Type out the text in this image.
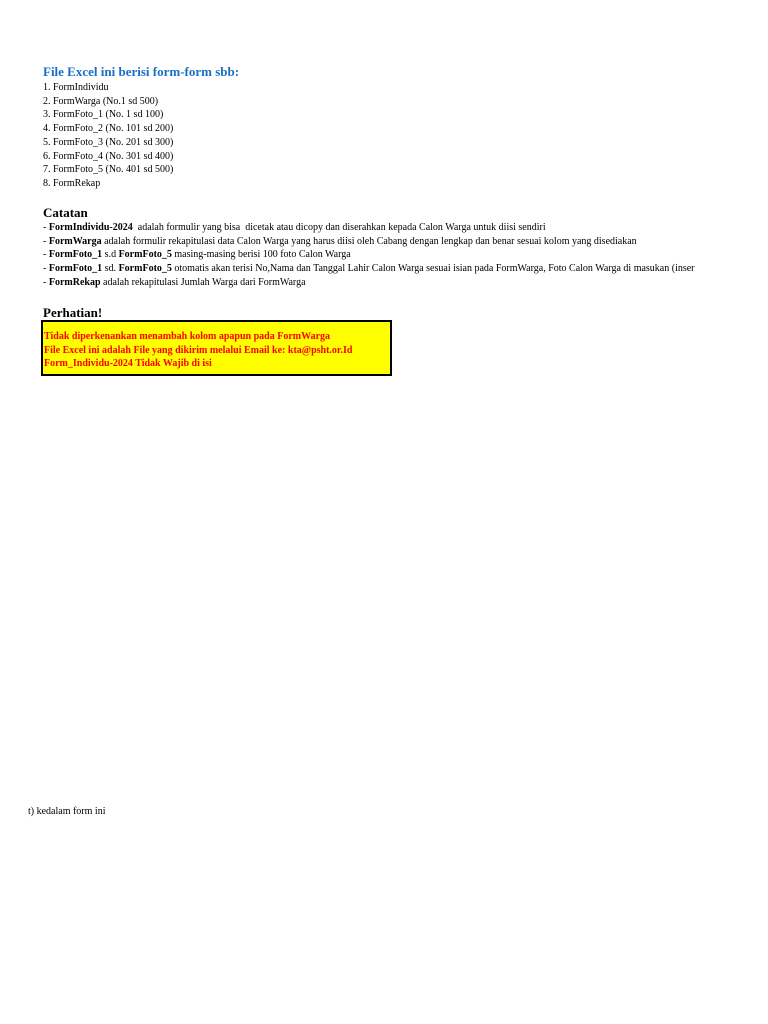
File Excel ini berisi form-form sbb:
1. FormIndividu
2. FormWarga (No.1 sd 500)
3. FormFoto_1 (No. 1 sd 100)
4. FormFoto_2 (No. 101 sd 200)
5. FormFoto_3 (No. 201 sd 300)
6. FormFoto_4 (No. 301 sd 400)
7. FormFoto_5 (No. 401 sd 500)
8. FormRekap
Catatan
- FormIndividu-2024  adalah formulir yang bisa  dicetak atau dicopy dan diserahkan kepada Calon Warga untuk diisi sendiri
- FormWarga adalah formulir rekapitulasi data Calon Warga yang harus diisi oleh Cabang dengan lengkap dan benar sesuai kolom yang disediakan
- FormFoto_1 s.d FormFoto_5 masing-masing berisi 100 foto Calon Warga
- FormFoto_1 sd. FormFoto_5 otomatis akan terisi No,Nama dan Tanggal Lahir Calon Warga sesuai isian pada FormWarga, Foto Calon Warga di masukan (inser
- FormRekap adalah rekapitulasi Jumlah Warga dari FormWarga
Perhatian!
Tidak diperkenankan menambah kolom apapun pada FormWarga
File Excel ini adalah File yang dikirim melalui Email ke: kta@psht.or.Id
Form_Individu-2024 Tidak Wajib di isi
t) kedalam form ini
